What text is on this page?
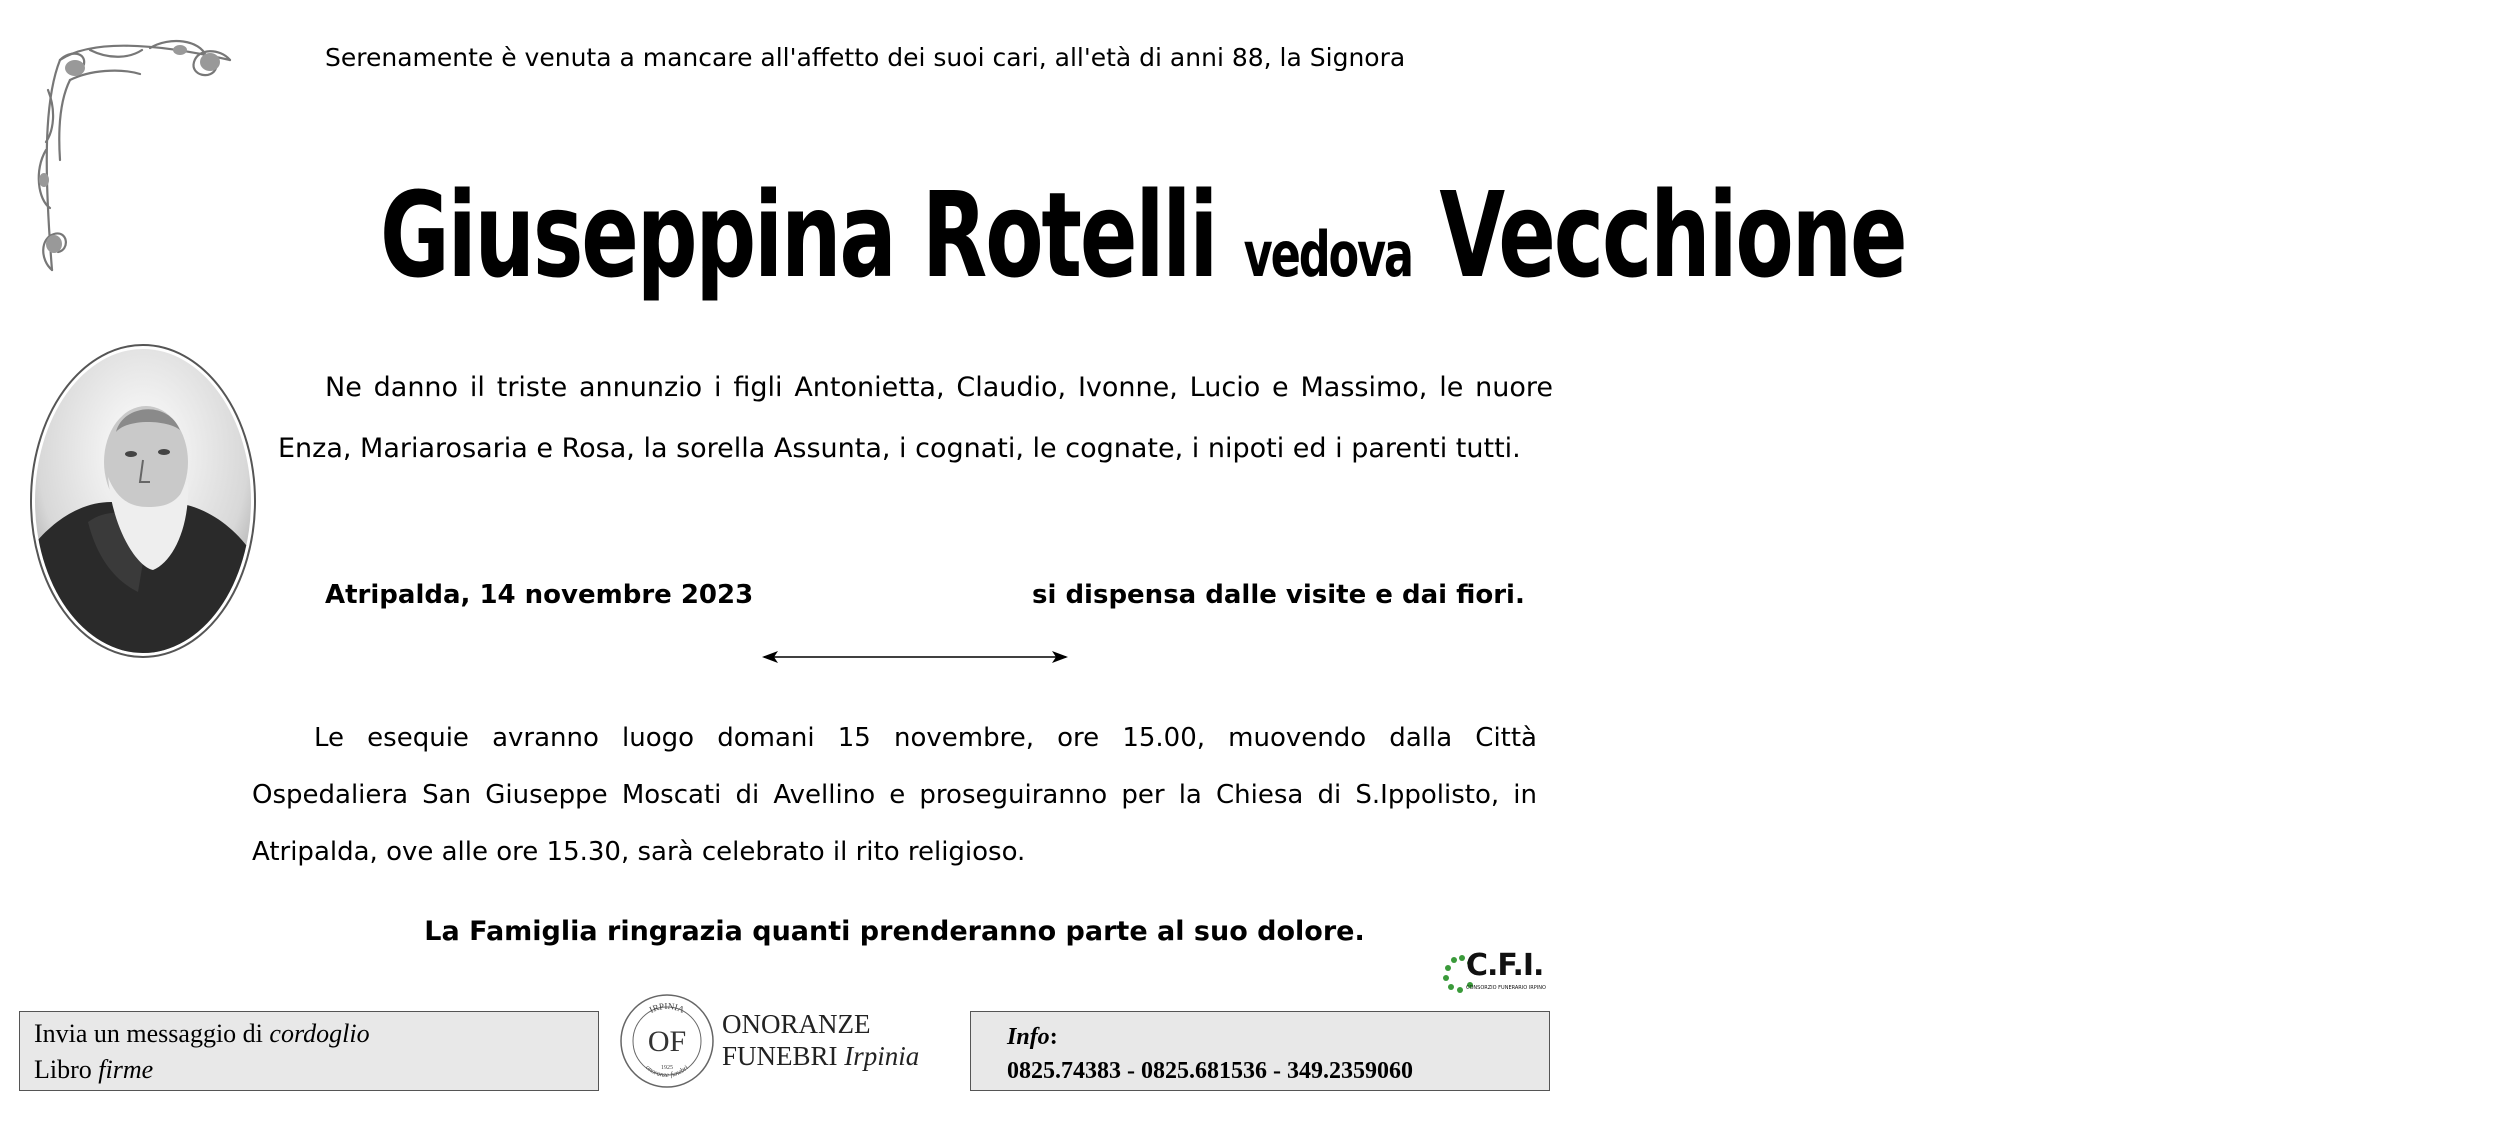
Serenamente è venuta a mancare all'affetto dei suoi cari, all'età di anni 88, la Signora
Giuseppina Rotelli vedova Vecchione
Ne danno il triste annunzio i figli Antonietta, Claudio, Ivonne, Lucio e Massimo, le nuore Enza, Mariarosaria e Rosa, la sorella Assunta, i cognati, le cognate, i nipoti ed i parenti tutti.
Atripalda, 14 novembre 2023	si dispensa dalle visite e dai fiori.
Le esequie avranno luogo domani 15 novembre, ore 15.00, muovendo dalla Città Ospedaliera San Giuseppe Moscati di Avellino e proseguiranno per la Chiesa di S.Ippolisto, in Atripalda, ove alle ore 15.30, sarà celebrato il rito religioso.
La Famiglia ringrazia quanti prenderanno parte al suo dolore.
C.F.I.
CONSORZIO FUNERARIO IRPINO
Invia un messaggio di cordoglio
Libro firme
IRPINIA
onoranze funebri
OF
1925
ONORANZE
FUNEBRI Irpinia
Info:
0825.74383 - 0825.681536 - 349.2359060
